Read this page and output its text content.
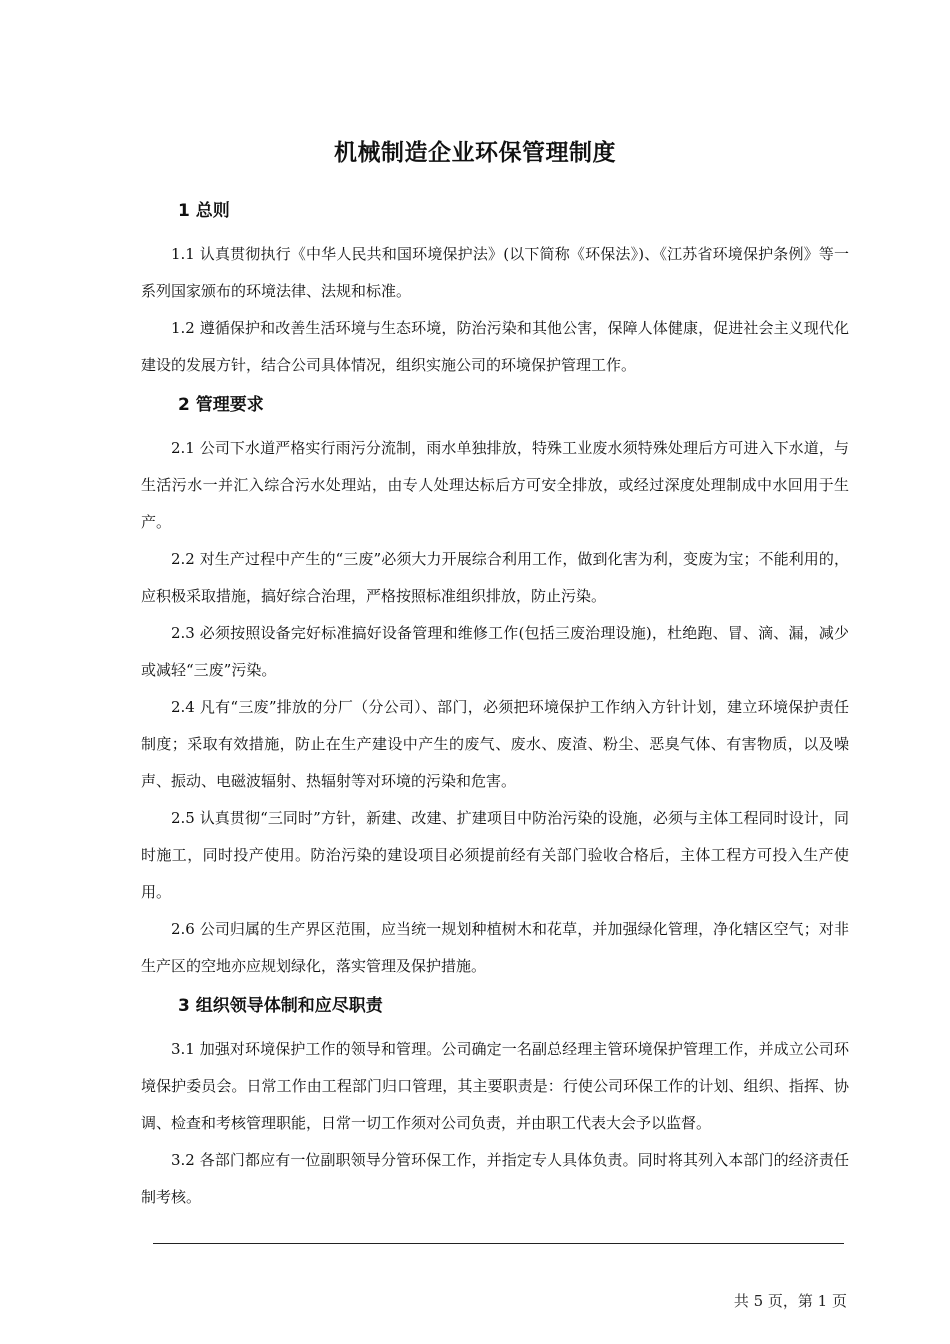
机械制造企业环保管理制度
1 总则

1.1 认真贯彻执行《中华人民共和国环境保护法》(以下简称《环保法》)、《江苏省环境保护条例》等一系列国家颁布的环境法律、法规和标准。

1.2 遵循保护和改善生活环境与生态环境，防治污染和其他公害，保障人体健康，促进社会主义现代化建设的发展方针，结合公司具体情况，组织实施公司的环境保护管理工作。

2 管理要求

2.1 公司下水道严格实行雨污分流制，雨水单独排放，特殊工业废水须特殊处理后方可进入下水道，与生活污水一并汇入综合污水处理站，由专人处理达标后方可安全排放，或经过深度处理制成中水回用于生产。

2.2 对生产过程中产生的“三废”必须大力开展综合利用工作，做到化害为利，变废为宝；不能利用的，应积极采取措施，搞好综合治理，严格按照标准组织排放，防止污染。

2.3 必须按照设备完好标准搞好设备管理和维修工作(包括三废治理设施)，杜绝跑、冒、滴、漏，减少或减轻“三废”污染。

2.4 凡有“三废”排放的分厂（分公司）、部门，必须把环境保护工作纳入方针计划，建立环境保护责任制度；采取有效措施，防止在生产建设中产生的废气、废水、废渣、粉尘、恶臭气体、有害物质，以及噪声、振动、电磁波辐射、热辐射等对环境的污染和危害。

2.5 认真贯彻“三同时”方针，新建、改建、扩建项目中防治污染的设施，必须与主体工程同时设计，同时施工，同时投产使用。防治污染的建设项目必须提前经有关部门验收合格后，主体工程方可投入生产使用。

2.6 公司归属的生产界区范围，应当统一规划种植树木和花草，并加强绿化管理，净化辖区空气；对非生产区的空地亦应规划绿化，落实管理及保护措施。

3 组织领导体制和应尽职责

3.1 加强对环境保护工作的领导和管理。公司确定一名副总经理主管环境保护管理工作，并成立公司环境保护委员会。日常工作由工程部门归口管理，其主要职责是：行使公司环保工作的计划、组织、指挥、协调、检查和考核管理职能，日常一切工作须对公司负责，并由职工代表大会予以监督。

3.2 各部门都应有一位副职领导分管环保工作，并指定专人具体负责。同时将其列入本部门的经济责任制考核。

共 5 页，第 1 页
